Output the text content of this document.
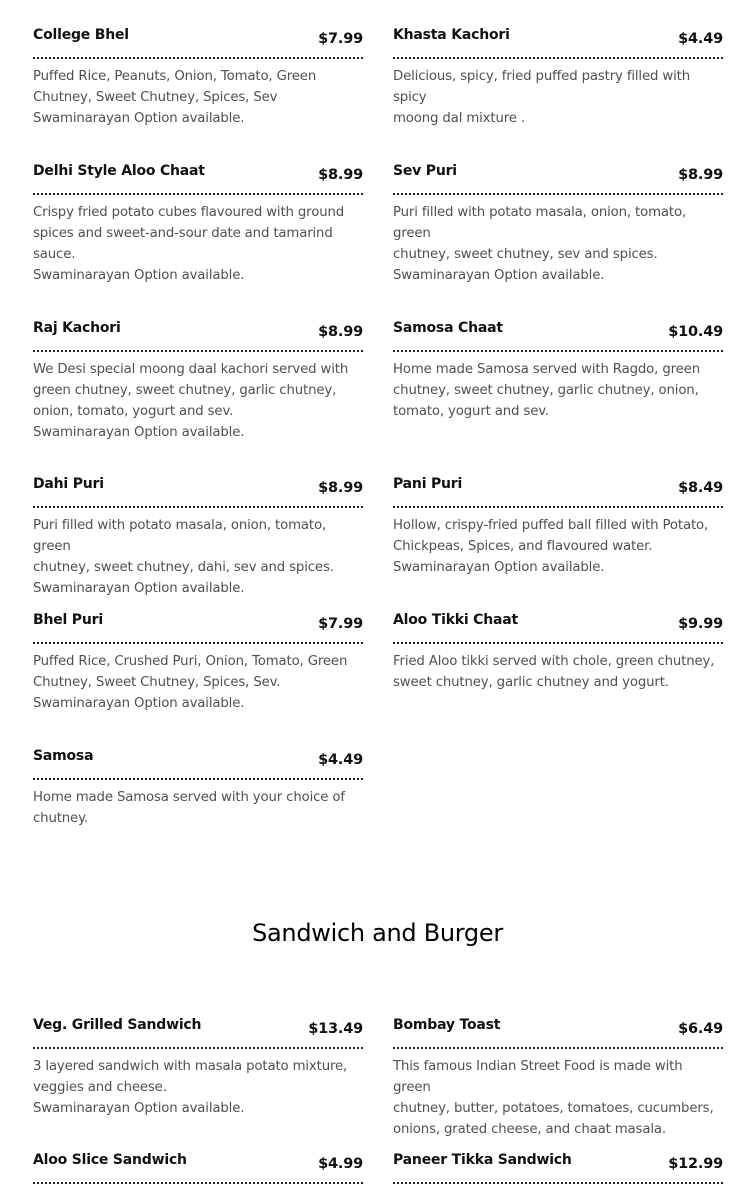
College Bhel	$7.99

Puffed Rice, Peanuts, Onion, Tomato, Green
Chutney, Sweet Chutney, Spices, Sev
Swaminarayan Option available.

Khasta Kachori	$4.49

Delicious, spicy, fried puffed pastry filled with spicy
moong dal mixture .

Delhi Style Aloo Chaat	$8.99

Crispy fried potato cubes flavoured with ground
spices and sweet-and-sour date and tamarind
sauce.
Swaminarayan Option available.

Sev Puri	$8.99

Puri filled with potato masala, onion, tomato, green
chutney, sweet chutney, sev and spices.
Swaminarayan Option available.

Raj Kachori	$8.99

We Desi special moong daal kachori served with
green chutney, sweet chutney, garlic chutney,
onion, tomato, yogurt and sev.
Swaminarayan Option available.

Samosa Chaat	$10.49

Home made Samosa served with Ragdo, green
chutney, sweet chutney, garlic chutney, onion,
tomato, yogurt and sev.

Dahi Puri	$8.99

Puri filled with potato masala, onion, tomato, green
chutney, sweet chutney, dahi, sev and spices.
Swaminarayan Option available.

Pani Puri	$8.49

Hollow, crispy-fried puffed ball filled with Potato,
Chickpeas, Spices, and flavoured water.
Swaminarayan Option available.

Bhel Puri	$7.99

Puffed Rice, Crushed Puri, Onion, Tomato, Green
Chutney, Sweet Chutney, Spices, Sev.
Swaminarayan Option available.

Aloo Tikki Chaat	$9.99

Fried Aloo tikki served with chole, green chutney,
sweet chutney, garlic chutney and yogurt.

Samosa	$4.49

Home made Samosa served with your choice of
chutney.

Sandwich and Burger
Veg. Grilled Sandwich	$13.49

3 layered sandwich with masala potato mixture,
veggies and cheese.
Swaminarayan Option available.

Bombay Toast	$6.49

This famous Indian Street Food is made with green
chutney, butter, potatoes, tomatoes, cucumbers,
onions, grated cheese, and chaat masala.

Aloo Slice Sandwich	$4.99 Paneer Tikka Sandwich	$12.99
